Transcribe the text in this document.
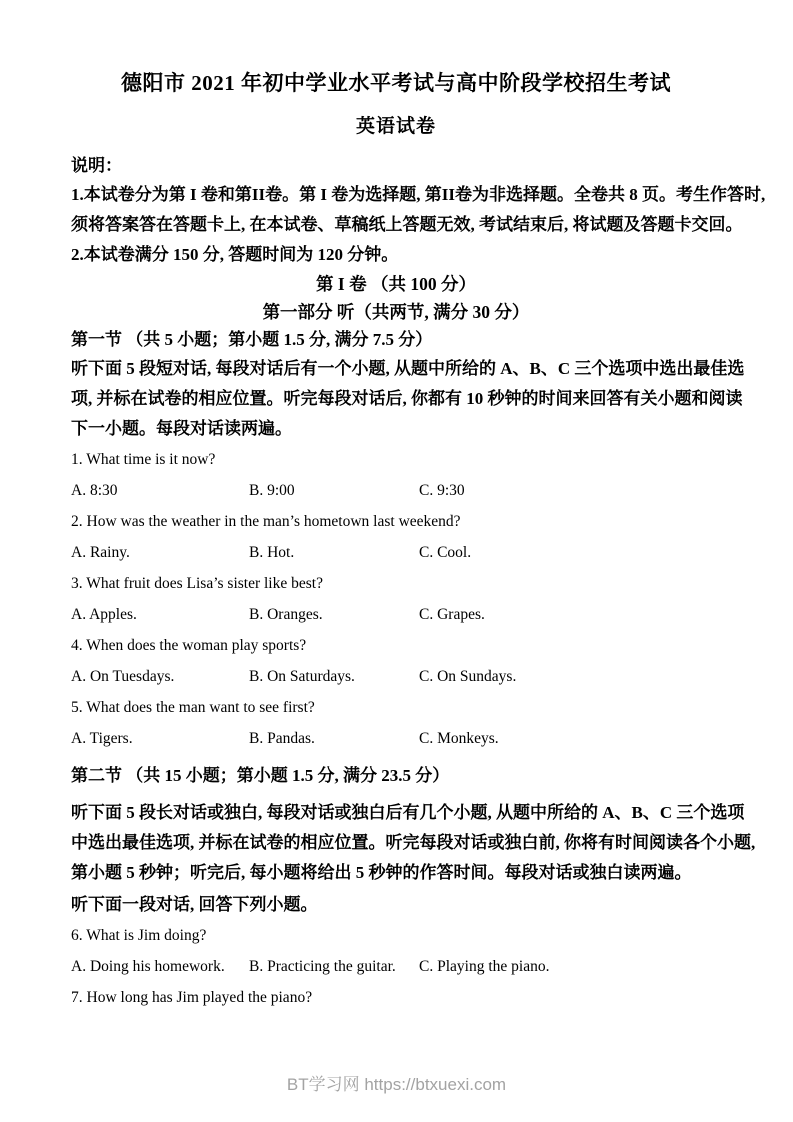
德阳市 2021 年初中学业水平考试与高中阶段学校招生考试
英语试卷
说明：
1.本试卷分为第 I 卷和第II卷。第 I 卷为选择题, 第II卷为非选择题。全卷共 8 页。考生作答时,
须将答案答在答题卡上, 在本试卷、草稿纸上答题无效, 考试结束后, 将试题及答题卡交回。
2.本试卷满分 150 分, 答题时间为 120 分钟。
第 I 卷 （共 100 分）
第一部分 听（共两节, 满分 30 分）
第一节 （共 5 小题；第小题 1.5 分, 满分 7.5 分）
听下面 5 段短对话, 每段对话后有一个小题, 从题中所给的 A、B、C 三个选项中选出最佳选
项, 并标在试卷的相应位置。听完每段对话后, 你都有 10 秒钟的时间来回答有关小题和阅读
下一小题。每段对话读两遍。
1. What time is it now?
A. 8:30	B. 9:00	C. 9:30
2. How was the weather in the man’s hometown last weekend?
A. Rainy.	B. Hot.	C. Cool.
3. What fruit does Lisa’s sister like best?
A. Apples.	B. Oranges.	C. Grapes.
4. When does the woman play sports?
A. On Tuesdays.	B. On Saturdays.	C. On Sundays.
5. What does the man want to see first?
A. Tigers.	B. Pandas.	C. Monkeys.
第二节 （共 15 小题；第小题 1.5 分, 满分 23.5 分）
听下面 5 段长对话或独白, 每段对话或独白后有几个小题, 从题中所给的 A、B、C 三个选项
中选出最佳选项, 并标在试卷的相应位置。听完每段对话或独白前, 你将有时间阅读各个小题,
第小题 5 秒钟；听完后, 每小题将给出 5 秒钟的作答时间。每段对话或独白读两遍。
听下面一段对话, 回答下列小题。
6. What is Jim doing?
A. Doing his homework.	B. Practicing the guitar.	C. Playing the piano.
7. How long has Jim played the piano?
BT学习网 https://btxuexi.com
